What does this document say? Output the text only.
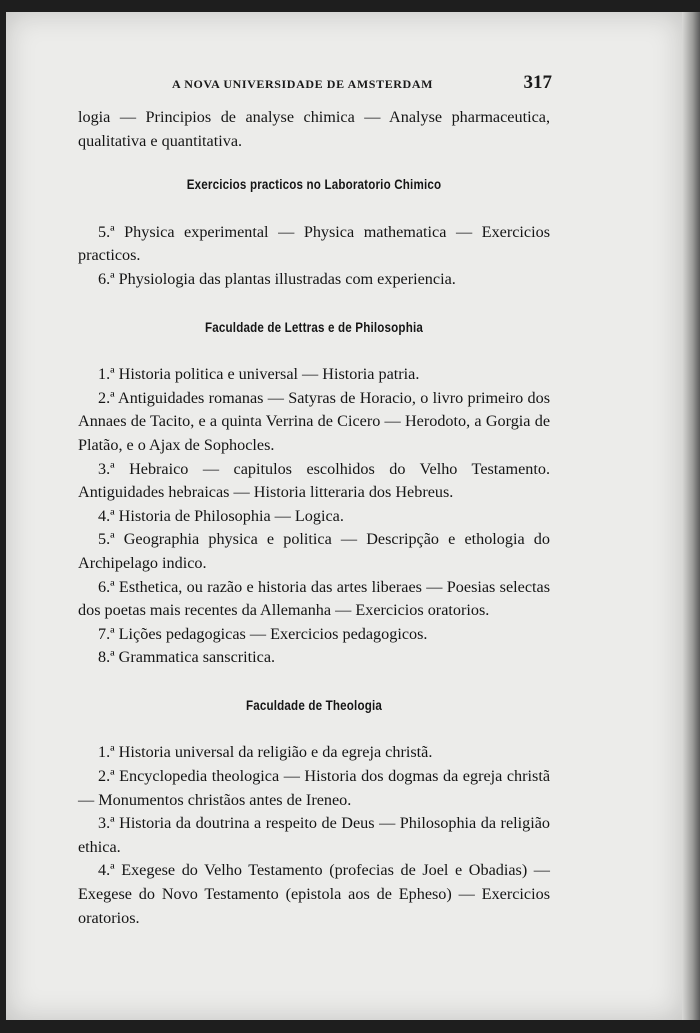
A NOVA UNIVERSIDADE DE AMSTERDAM	317

logia — Principios de analyse chimica — Analyse pharmaceutica, qualitativa e quantitativa.

Exercicios practicos no Laboratorio Chimico

5.ª Physica experimental — Physica mathematica — Exercicios practicos.

6.ª Physiologia das plantas illustradas com experiencia.

Faculdade de Lettras e de Philosophia

1.ª Historia politica e universal — Historia patria.

2.ª Antiguidades romanas — Satyras de Horacio, o livro primeiro dos Annaes de Tacito, e a quinta Verrina de Cicero — Herodoto, a Gorgia de Platão, e o Ajax de Sophocles.

3.ª Hebraico — capitulos escolhidos do Velho Testamento. Antiguidades hebraicas — Historia litteraria dos Hebreus.

4.ª Historia de Philosophia — Logica.

5.ª Geographia physica e politica — Descripção e ethologia do Archipelago indico.

6.ª Esthetica, ou razão e historia das artes liberaes — Poesias selectas dos poetas mais recentes da Allemanha — Exercicios oratorios.

7.ª Lições pedagogicas — Exercicios pedagogicos.

8.ª Grammatica sanscritica.

Faculdade de Theologia

1.ª Historia universal da religião e da egreja christã.

2.ª Encyclopedia theologica — Historia dos dogmas da egreja christã — Monumentos christãos antes de Ireneo.

3.ª Historia da doutrina a respeito de Deus — Philosophia da religião ethica.

4.ª Exegese do Velho Testamento (profecias de Joel e Obadias) — Exegese do Novo Testamento (epistola aos de Epheso) — Exercicios oratorios.
